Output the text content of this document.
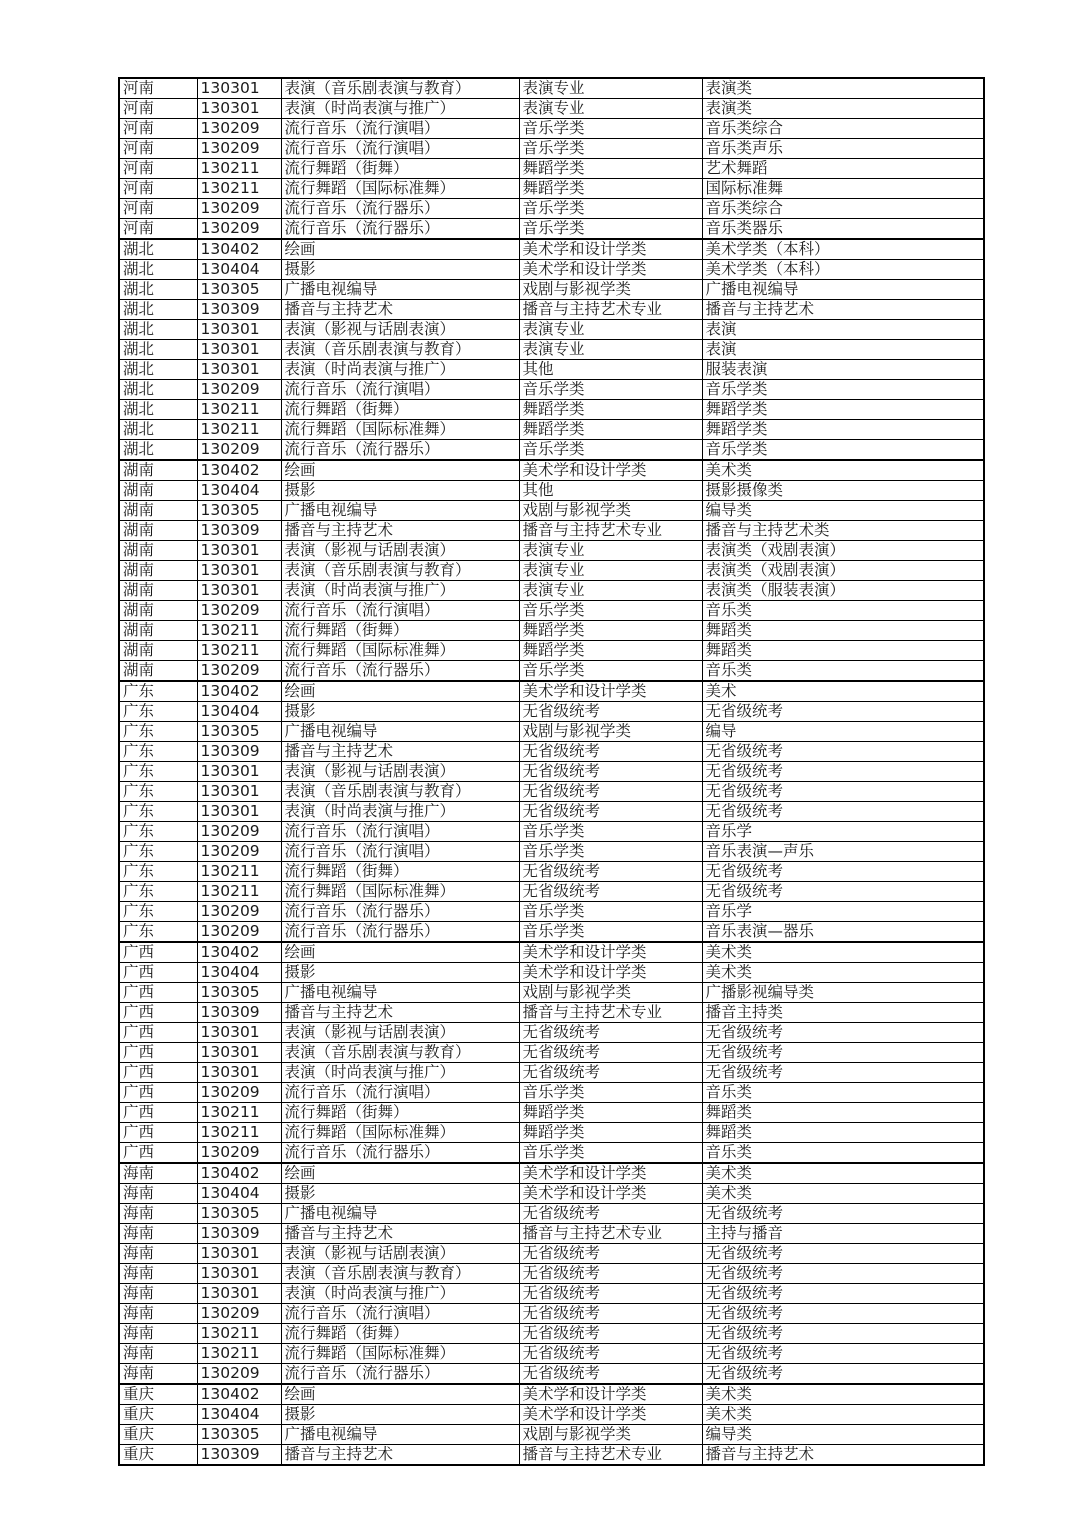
河南	130301	表演（音乐剧表演与教育）	表演专业	表演类
河南	130301	表演（时尚表演与推广）	表演专业	表演类
河南	130209	流行音乐（流行演唱）	音乐学类	音乐类综合
河南	130209	流行音乐（流行演唱）	音乐学类	音乐类声乐
河南	130211	流行舞蹈（街舞）	舞蹈学类	艺术舞蹈
河南	130211	流行舞蹈（国际标准舞）	舞蹈学类	国际标准舞
河南	130209	流行音乐（流行器乐）	音乐学类	音乐类综合
河南	130209	流行音乐（流行器乐）	音乐学类	音乐类器乐
湖北	130402	绘画	美术学和设计学类	美术学类（本科）
湖北	130404	摄影	美术学和设计学类	美术学类（本科）
湖北	130305	广播电视编导	戏剧与影视学类	广播电视编导
湖北	130309	播音与主持艺术	播音与主持艺术专业	播音与主持艺术
湖北	130301	表演（影视与话剧表演）	表演专业	表演
湖北	130301	表演（音乐剧表演与教育）	表演专业	表演
湖北	130301	表演（时尚表演与推广）	其他	服装表演
湖北	130209	流行音乐（流行演唱）	音乐学类	音乐学类
湖北	130211	流行舞蹈（街舞）	舞蹈学类	舞蹈学类
湖北	130211	流行舞蹈（国际标准舞）	舞蹈学类	舞蹈学类
湖北	130209	流行音乐（流行器乐）	音乐学类	音乐学类
湖南	130402	绘画	美术学和设计学类	美术类
湖南	130404	摄影	其他	摄影摄像类
湖南	130305	广播电视编导	戏剧与影视学类	编导类
湖南	130309	播音与主持艺术	播音与主持艺术专业	播音与主持艺术类
湖南	130301	表演（影视与话剧表演）	表演专业	表演类（戏剧表演）
湖南	130301	表演（音乐剧表演与教育）	表演专业	表演类（戏剧表演）
湖南	130301	表演（时尚表演与推广）	表演专业	表演类（服装表演）
湖南	130209	流行音乐（流行演唱）	音乐学类	音乐类
湖南	130211	流行舞蹈（街舞）	舞蹈学类	舞蹈类
湖南	130211	流行舞蹈（国际标准舞）	舞蹈学类	舞蹈类
湖南	130209	流行音乐（流行器乐）	音乐学类	音乐类
广东	130402	绘画	美术学和设计学类	美术
广东	130404	摄影	无省级统考	无省级统考
广东	130305	广播电视编导	戏剧与影视学类	编导
广东	130309	播音与主持艺术	无省级统考	无省级统考
广东	130301	表演（影视与话剧表演）	无省级统考	无省级统考
广东	130301	表演（音乐剧表演与教育）	无省级统考	无省级统考
广东	130301	表演（时尚表演与推广）	无省级统考	无省级统考
广东	130209	流行音乐（流行演唱）	音乐学类	音乐学
广东	130209	流行音乐（流行演唱）	音乐学类	音乐表演—声乐
广东	130211	流行舞蹈（街舞）	无省级统考	无省级统考
广东	130211	流行舞蹈（国际标准舞）	无省级统考	无省级统考
广东	130209	流行音乐（流行器乐）	音乐学类	音乐学
广东	130209	流行音乐（流行器乐）	音乐学类	音乐表演—器乐
广西	130402	绘画	美术学和设计学类	美术类
广西	130404	摄影	美术学和设计学类	美术类
广西	130305	广播电视编导	戏剧与影视学类	广播影视编导类
广西	130309	播音与主持艺术	播音与主持艺术专业	播音主持类
广西	130301	表演（影视与话剧表演）	无省级统考	无省级统考
广西	130301	表演（音乐剧表演与教育）	无省级统考	无省级统考
广西	130301	表演（时尚表演与推广）	无省级统考	无省级统考
广西	130209	流行音乐（流行演唱）	音乐学类	音乐类
广西	130211	流行舞蹈（街舞）	舞蹈学类	舞蹈类
广西	130211	流行舞蹈（国际标准舞）	舞蹈学类	舞蹈类
广西	130209	流行音乐（流行器乐）	音乐学类	音乐类
海南	130402	绘画	美术学和设计学类	美术类
海南	130404	摄影	美术学和设计学类	美术类
海南	130305	广播电视编导	无省级统考	无省级统考
海南	130309	播音与主持艺术	播音与主持艺术专业	主持与播音
海南	130301	表演（影视与话剧表演）	无省级统考	无省级统考
海南	130301	表演（音乐剧表演与教育）	无省级统考	无省级统考
海南	130301	表演（时尚表演与推广）	无省级统考	无省级统考
海南	130209	流行音乐（流行演唱）	无省级统考	无省级统考
海南	130211	流行舞蹈（街舞）	无省级统考	无省级统考
海南	130211	流行舞蹈（国际标准舞）	无省级统考	无省级统考
海南	130209	流行音乐（流行器乐）	无省级统考	无省级统考
重庆	130402	绘画	美术学和设计学类	美术类
重庆	130404	摄影	美术学和设计学类	美术类
重庆	130305	广播电视编导	戏剧与影视学类	编导类
重庆	130309	播音与主持艺术	播音与主持艺术专业	播音与主持艺术
